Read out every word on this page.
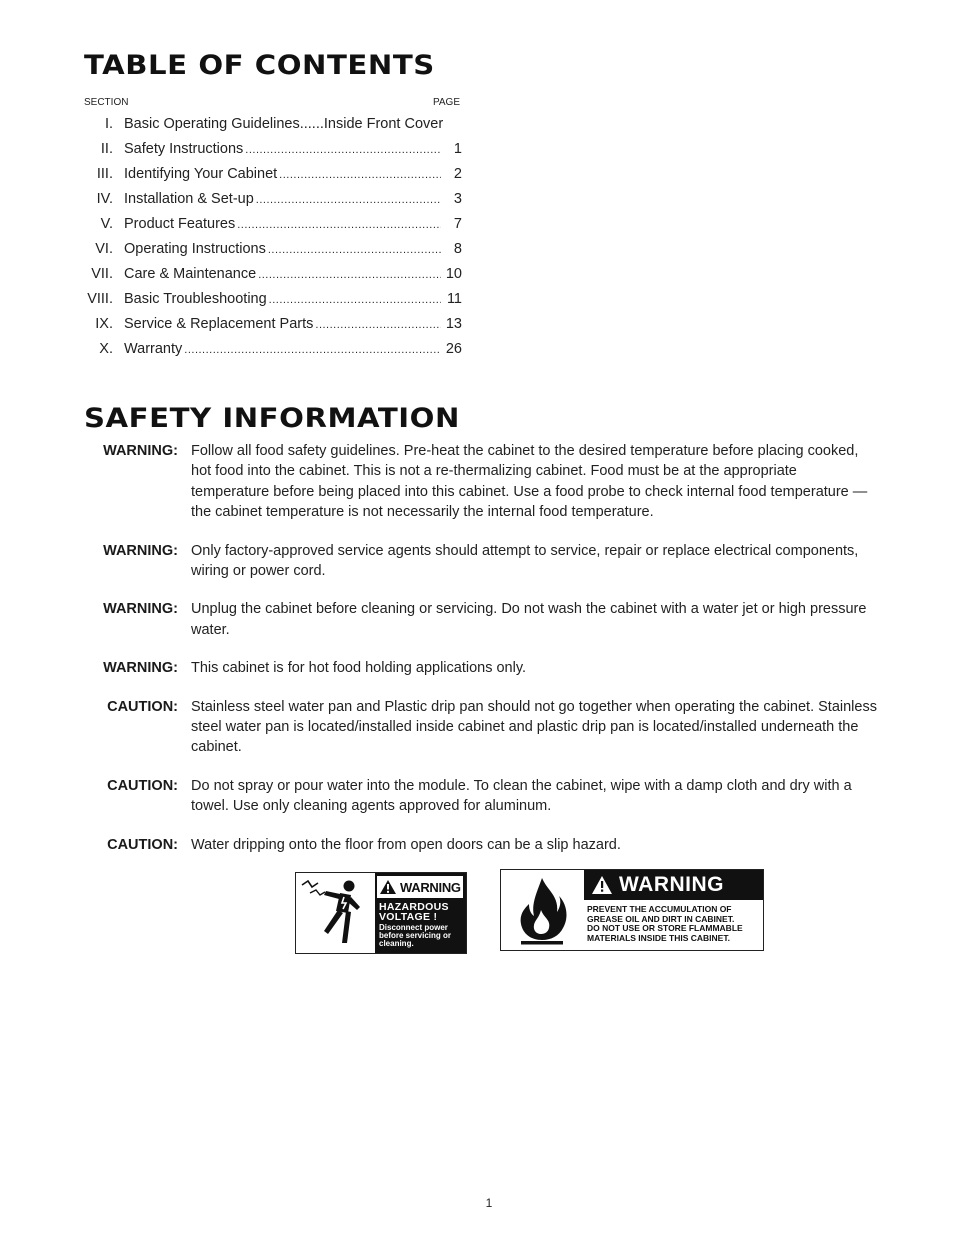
TABLE OF CONTENTS
SECTION	PAGE
I. Basic Operating Guidelines......Inside Front Cover
II. Safety Instructions .....	1
III. Identifying Your Cabinet .....	2
IV. Installation & Set-up .....	3
V. Product Features .....	7
VI. Operating Instructions .....	8
VII. Care & Maintenance .....	10
VIII. Basic Troubleshooting .....	11
IX. Service & Replacement Parts .....	13
X. Warranty .....	26
SAFETY INFORMATION
WARNING: Follow all food safety guidelines. Pre-heat the cabinet to the desired temperature before placing cooked, hot food into the cabinet. This is not a re-thermalizing cabinet. Food must be at the appropriate temperature before being placed into this cabinet. Use a food probe to check internal food temperature — the cabinet temperature is not necessarily the internal food temperature.
WARNING: Only factory-approved service agents should attempt to service, repair or replace electrical components, wiring or power cord.
WARNING: Unplug the cabinet before cleaning or servicing. Do not wash the cabinet with a water jet or high pressure water.
WARNING: This cabinet is for hot food holding applications only.
CAUTION: Stainless steel water pan and Plastic drip pan should not go together when operating the cabinet. Stainless steel water pan is located/installed inside cabinet and plastic drip pan is located/installed underneath the cabinet.
CAUTION: Do not spray or pour water into the module. To clean the cabinet, wipe with a damp cloth and dry with a towel. Use only cleaning agents approved for aluminum.
CAUTION: Water dripping onto the floor from open doors can be a slip hazard.
WARNING
HAZARDOUS
VOLTAGE !
Disconnect power
before servicing or
cleaning.
WARNING
PREVENT THE ACCUMULATION OF
GREASE OIL AND DIRT IN CABINET.
DO NOT USE OR STORE FLAMMABLE
MATERIALS INSIDE THIS CABINET.
1
